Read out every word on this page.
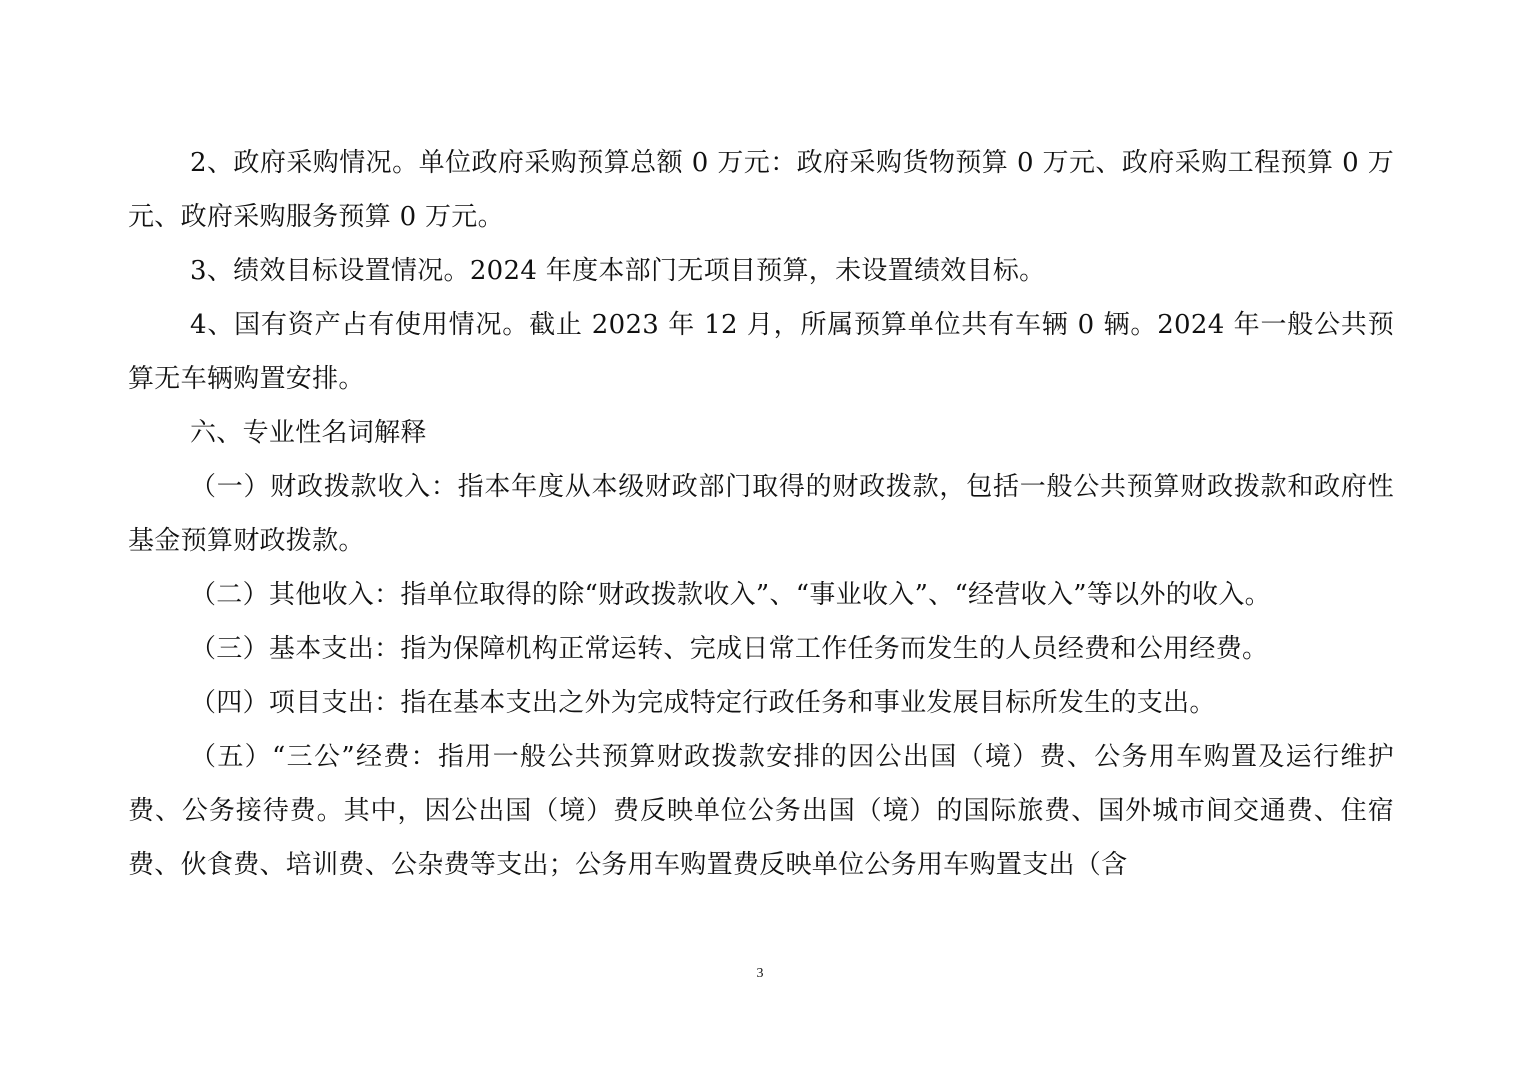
2、政府采购情况。单位政府采购预算总额 0 万元：政府采购货物预算 0 万元、政府采购工程预算 0 万元、政府采购服务预算 0 万元。

3、绩效目标设置情况。2024 年度本部门无项目预算，未设置绩效目标。

4、国有资产占有使用情况。截止 2023 年 12 月，所属预算单位共有车辆 0 辆。2024 年一般公共预算无车辆购置安排。

六、专业性名词解释

（一）财政拨款收入：指本年度从本级财政部门取得的财政拨款，包括一般公共预算财政拨款和政府性基金预算财政拨款。

（二）其他收入：指单位取得的除“财政拨款收入”、“事业收入”、“经营收入”等以外的收入。

（三）基本支出：指为保障机构正常运转、完成日常工作任务而发生的人员经费和公用经费。

（四）项目支出：指在基本支出之外为完成特定行政任务和事业发展目标所发生的支出。

（五）“三公”经费：指用一般公共预算财政拨款安排的因公出国（境）费、公务用车购置及运行维护费、公务接待费。其中，因公出国（境）费反映单位公务出国（境）的国际旅费、国外城市间交通费、住宿费、伙食费、培训费、公杂费等支出；公务用车购置费反映单位公务用车购置支出（含

3
